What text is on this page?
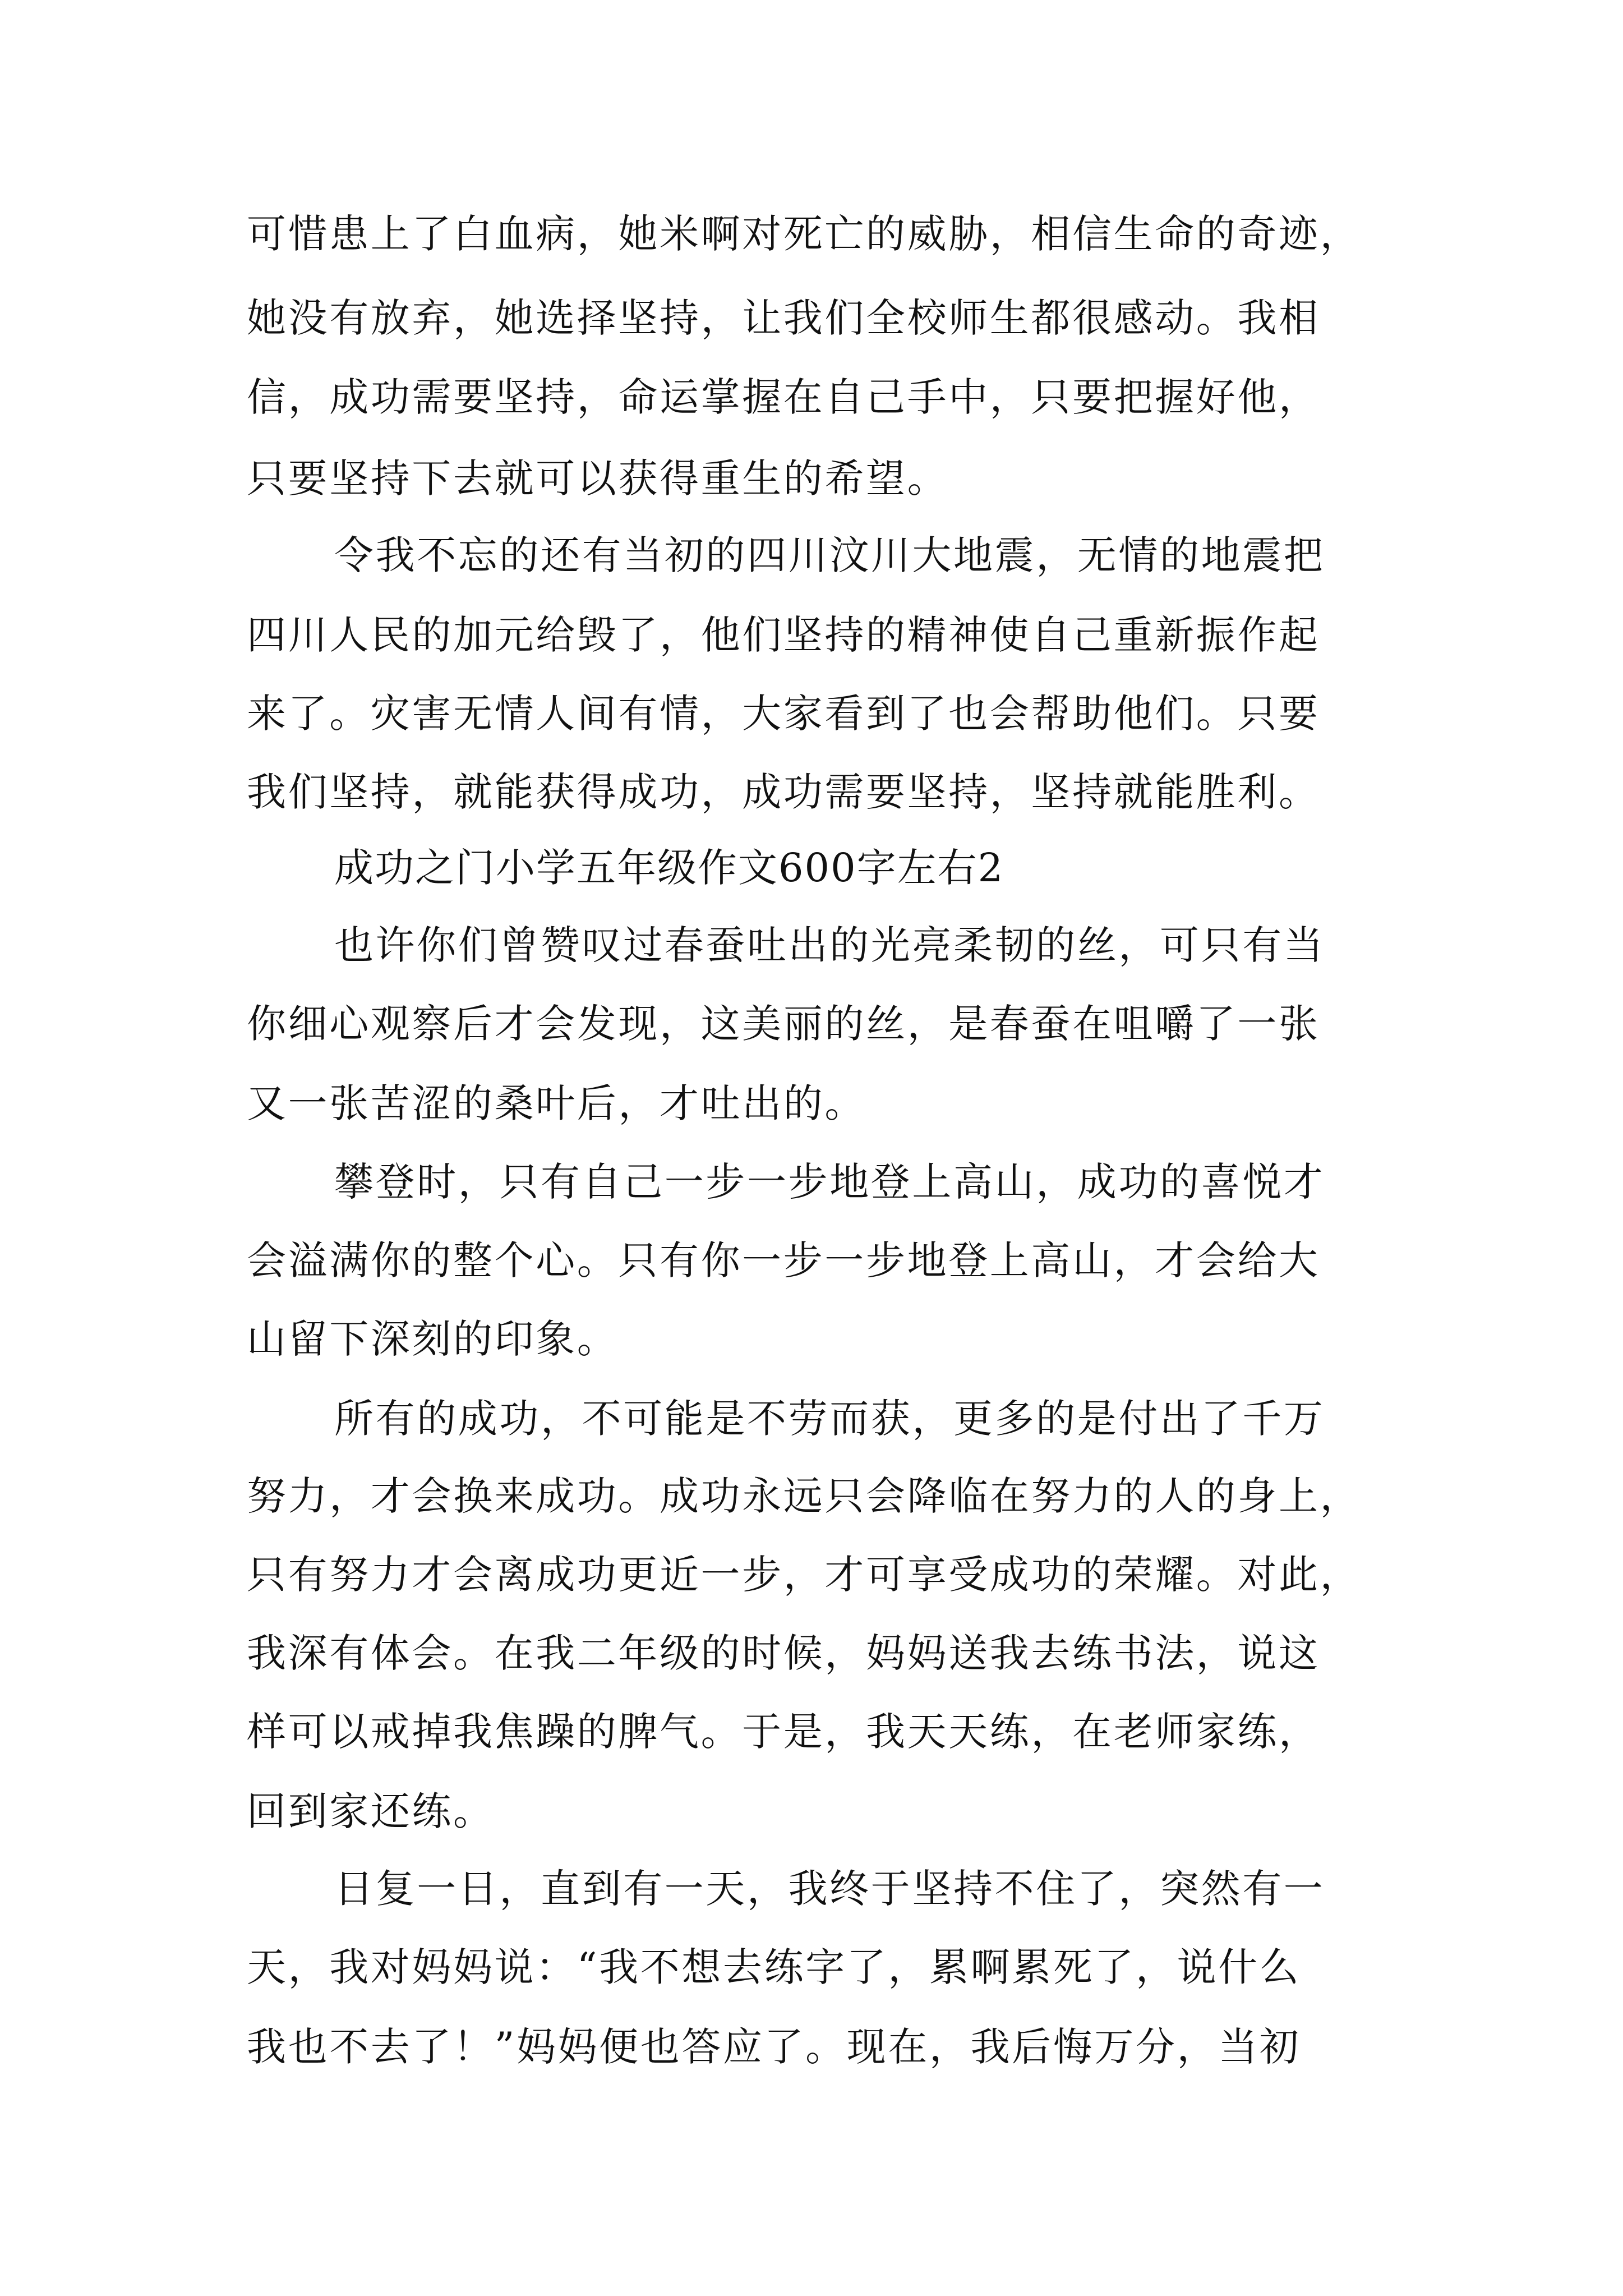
可惜患上了白血病，她米啊对死亡的威胁，相信生命的奇迹，
她没有放弃，她选择坚持，让我们全校师生都很感动。我相
信，成功需要坚持，命运掌握在自己手中，只要把握好他，
只要坚持下去就可以获得重生的希望。
令我不忘的还有当初的四川汶川大地震，无情的地震把
四川人民的加元给毁了，他们坚持的精神使自己重新振作起
来了。灾害无情人间有情，大家看到了也会帮助他们。只要
我们坚持，就能获得成功，成功需要坚持，坚持就能胜利。
成功之门小学五年级作文600字左右2
也许你们曾赞叹过春蚕吐出的光亮柔韧的丝，可只有当
你细心观察后才会发现，这美丽的丝，是春蚕在咀嚼了一张
又一张苦涩的桑叶后，才吐出的。
攀登时，只有自己一步一步地登上高山，成功的喜悦才
会溢满你的整个心。只有你一步一步地登上高山，才会给大
山留下深刻的印象。
所有的成功，不可能是不劳而获，更多的是付出了千万
努力，才会换来成功。成功永远只会降临在努力的人的身上，
只有努力才会离成功更近一步，才可享受成功的荣耀。对此，
我深有体会。在我二年级的时候，妈妈送我去练书法，说这
样可以戒掉我焦躁的脾气。于是，我天天练，在老师家练，
回到家还练。
日复一日，直到有一天，我终于坚持不住了，突然有一
天，我对妈妈说：“我不想去练字了，累啊累死了，说什么
我也不去了！”妈妈便也答应了。现在，我后悔万分，当初
